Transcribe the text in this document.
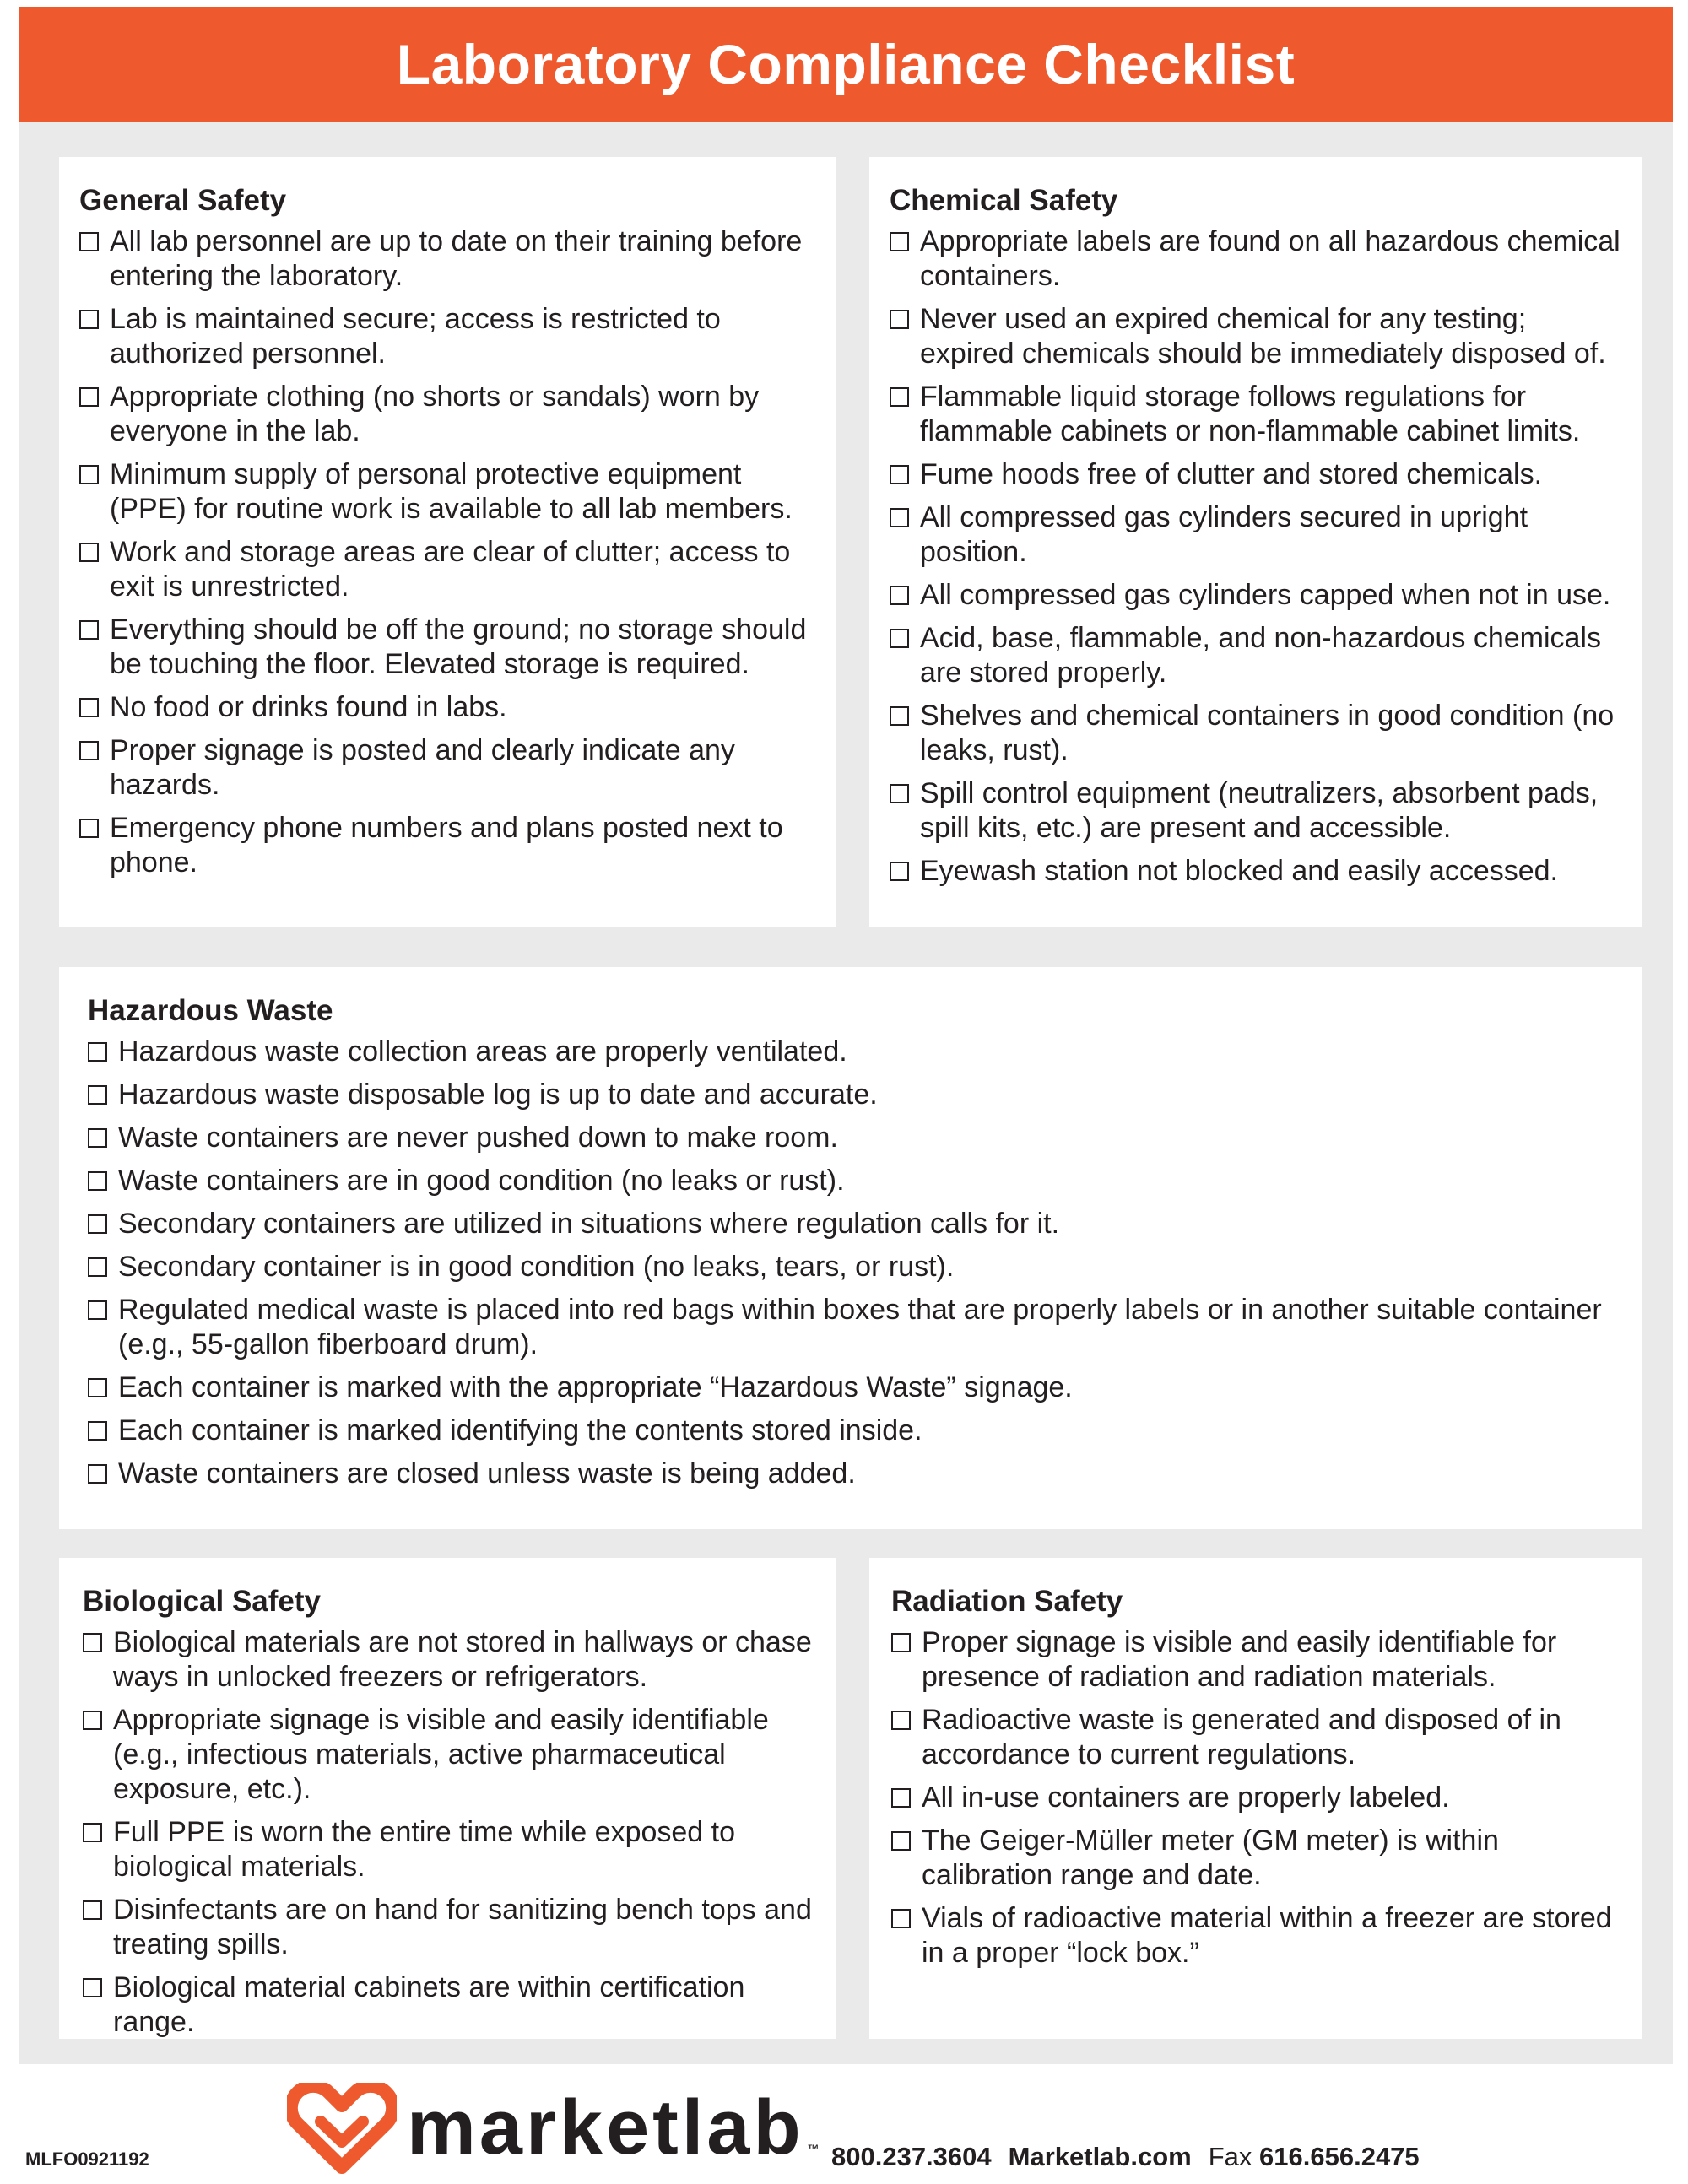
Laboratory Compliance Checklist
General Safety
All lab personnel are up to date on their training before entering the laboratory.
Lab is maintained secure; access is restricted to authorized personnel.
Appropriate clothing (no shorts or sandals) worn by everyone in the lab.
Minimum supply of personal protective equipment (PPE) for routine work is available to all lab members.
Work and storage areas are clear of clutter; access to exit is unrestricted.
Everything should be off the ground; no storage should be touching the floor. Elevated storage is required.
No food or drinks found in labs.
Proper signage is posted and clearly indicate any hazards.
Emergency phone numbers and plans posted next to phone.
Chemical Safety
Appropriate labels are found on all hazardous chemical containers.
Never used an expired chemical for any testing; expired chemicals should be immediately disposed of.
Flammable liquid storage follows regulations for flammable cabinets or non-flammable cabinet limits.
Fume hoods free of clutter and stored chemicals.
All compressed gas cylinders secured in upright position.
All compressed gas cylinders capped when not in use.
Acid, base, flammable, and non-hazardous chemicals are stored properly.
Shelves and chemical containers in good condition (no leaks, rust).
Spill control equipment (neutralizers, absorbent pads, spill kits, etc.) are present and accessible.
Eyewash station not blocked and easily accessed.
Hazardous Waste
Hazardous waste collection areas are properly ventilated.
Hazardous waste disposable log is up to date and accurate.
Waste containers are never pushed down to make room.
Waste containers are in good condition (no leaks or rust).
Secondary containers are utilized in situations where regulation calls for it.
Secondary container is in good condition (no leaks, tears, or rust).
Regulated medical waste is placed into red bags within boxes that are properly labels or in another suitable container (e.g., 55-gallon fiberboard drum).
Each container is marked with the appropriate “Hazardous Waste” signage.
Each container is marked identifying the contents stored inside.
Waste containers are closed unless waste is being added.
Biological Safety
Biological materials are not stored in hallways or chase ways in unlocked freezers or refrigerators.
Appropriate signage is visible and easily identifiable (e.g., infectious materials, active pharmaceutical exposure, etc.).
Full PPE is worn the entire time while exposed to biological materials.
Disinfectants are on hand for sanitizing bench tops and treating spills.
Biological material cabinets are within certification range.
Radiation Safety
Proper signage is visible and easily identifiable for presence of radiation and radiation materials.
Radioactive waste is generated and disposed of in accordance to current regulations.
All in-use containers are properly labeled.
The Geiger-Müller meter (GM meter) is within calibration range and date.
Vials of radioactive material within a freezer are stored in a proper “lock box.”
MLFO0921192	marketlab ™ 800.237.3604 Marketlab.com Fax 616.656.2475
